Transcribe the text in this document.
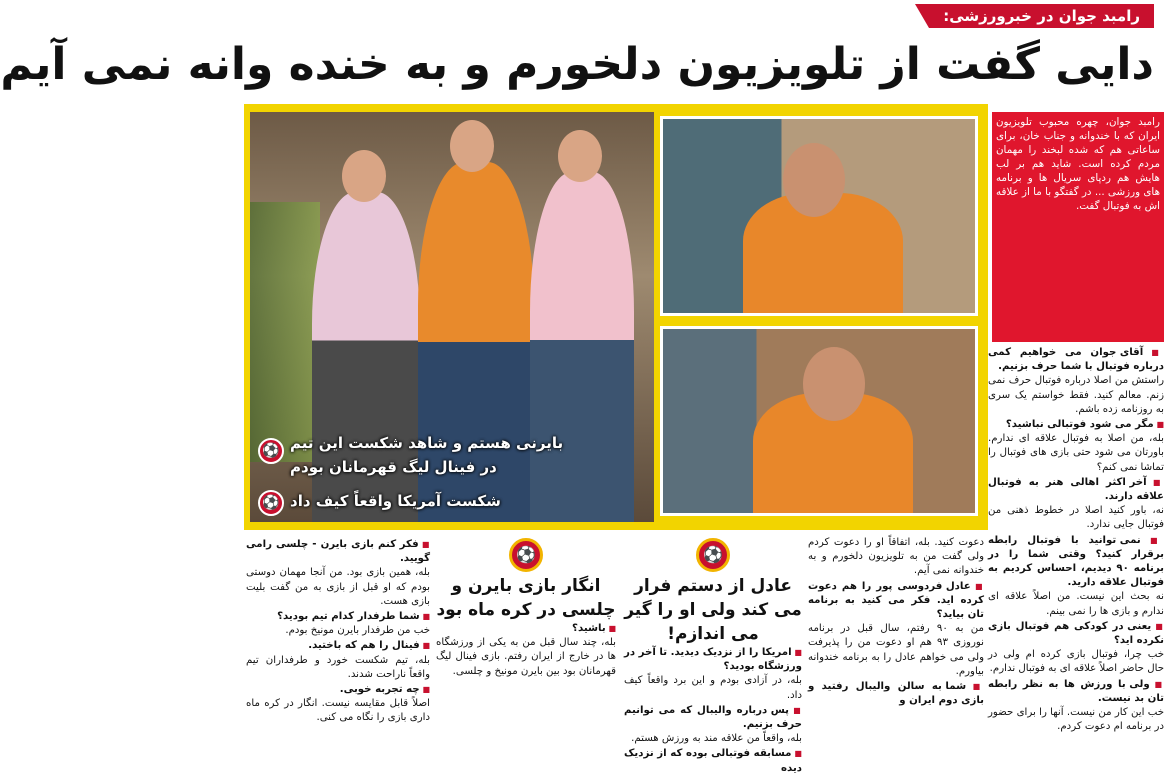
رامبد جوان در خبرورزشی:
دایی گفت از تلویزیون دلخورم و به خنده وانه نمی آیم
⚽ بایرنی هستم و شاهد شکست این تیم
در فینال لیگ قهرمانان بودم
⚽ شکست آمریکا واقعاً کیف داد
رامبد جوان، چهره محبوب تلویزیون ایران که با خندوانه و جناب خان، برای ساعاتی هم که شده لبخند را مهمان مردم کرده است. شاید هم بر لب هایش هم ردپای سریال ها و برنامه های ورزشی ... در گفتگو با ما از علاقه اش به فوتبال گفت.

■ آقای جوان می خواهیم کمی درباره فوتبال با شما حرف بزنیم.
راستش من اصلا درباره فوتبال حرف نمی زنم. معالم کنید. فقط خواستم یک سری به روزنامه زده باشم.

■ مگر می شود فوتبالی نباشید؟
بله، من اصلا به فوتبال علاقه ای ندارم. باورتان می شود حتی بازی های فوتبال را تماشا نمی کنم؟

■ آخر اکثر اهالی هنر به فوتبال علاقه دارند.
نه، باور کنید اصلا در خطوط ذهنی من فوتبال جایی ندارد.

■ نمی توانید با فوتبال رابطه برقرار کنید؟ وقتی شما را در برنامه ۹۰ دیدیم، احساس کردیم به فوتبال علاقه دارید.
نه بحث این نیست. من اصلاً علاقه ای ندارم و بازی ها را نمی بینم.

■ یعنی در کودکی هم فوتبال بازی نکرده اید؟
خب چرا، فوتبال بازی کرده ام ولی در حال حاضر اصلاً علاقه ای به فوتبال ندارم.

■ ولی با ورزش ها به نظر رابطه تان بد نیست.
خب این کار من نیست. آنها را برای حضور در برنامه ام دعوت کردم.

دعوت کنید. بله، اتفاقاً او را دعوت کردم ولی گفت من به تلویزیون دلخورم و به خندوانه نمی آیم.

■ عادل فردوسی پور را هم دعوت کرده اید. فکر می کنید به برنامه تان بیاید؟
من به ۹۰ رفتم، سال قبل در برنامه نوروزی ۹۳ هم او دعوت من را پذیرفت ولی می خواهم عادل را به برنامه خندوانه بیاورم.

■ شما به سالن والیبال رفتید و بازی دوم ایران و

⚽
عادل از دستم فرار می کند ولی او را گیر می اندازم!

■ امریکا را از نزدیک دیدید. تا آخر در ورزشگاه بودید؟
بله، در آزادی بودم و این برد واقعاً کیف داد.

■ پس درباره والیبال که می توانیم حرف بزنیم.
بله، واقعاً من علاقه مند به ورزش هستم.

■ مسابقه فوتبالی بوده که از نزدیک دیده

⚽
انگار بازی بایرن و چلسی در کره ماه بود

■ باشید؟
بله، چند سال قبل من به یکی از ورزشگاه ها در خارج از ایران رفتم. بازی فینال لیگ قهرمانان بود بین بایرن مونیخ و چلسی.

■ فکر کنم بازی بایرن - چلسی رامی گویید.
بله، همین بازی بود. من آنجا مهمان دوستی بودم که او قبل از بازی به من گفت بلیت بازی هست.

■ شما طرفدار کدام تیم بودید؟
خب من طرفدار بایرن مونیخ بودم.

■ فینال را هم که باختید.
بله، تیم شکست خورد و طرفداران تیم واقعاً ناراحت شدند.

■ چه تجربه خوبی.
اصلاً قابل مقایسه نیست. انگار در کره ماه داری بازی را نگاه می کنی.
